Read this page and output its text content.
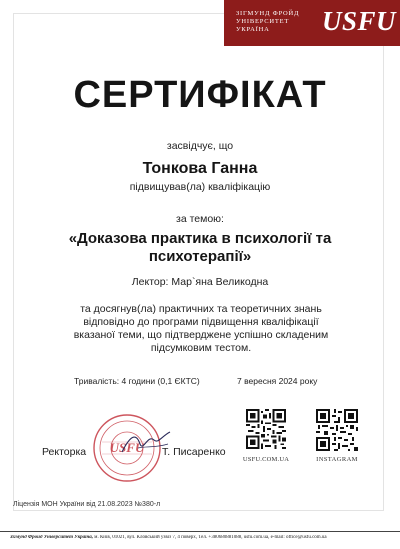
ЗІГМУНД ФРОЙД
УНІВЕРСИТЕТ
УКРАЇНА	USFU
СЕРТИФІКАТ
засвідчує, що
Тонкова Ганна
підвищував(ла) кваліфікацію
за темою:
«Доказова практика в психології та психотерапії»
Лектор: Мар`яна Великодна
та досягнув(ла) практичних та теоретичних знань відповідно до програми підвищення кваліфікації вказаної теми, що підтверджене успішно складеним підсумковим тестом.
Тривалість: 4 години (0,1 ЄКТС)	7 вересня 2024 року
Ректорка	Т. Писаренко
USFU
USFU.COM.UA	INSTAGRAM
Ліцензія МОН України від 21.08.2023 №380-л
Зігмунд Фройд Університет Україна, м. Київ, 01021, вул. Кловський узвіз 7, 4 поверх, Тел. +380680881088, usfu.com.ua, e-mail: office@usfu.com.ua
